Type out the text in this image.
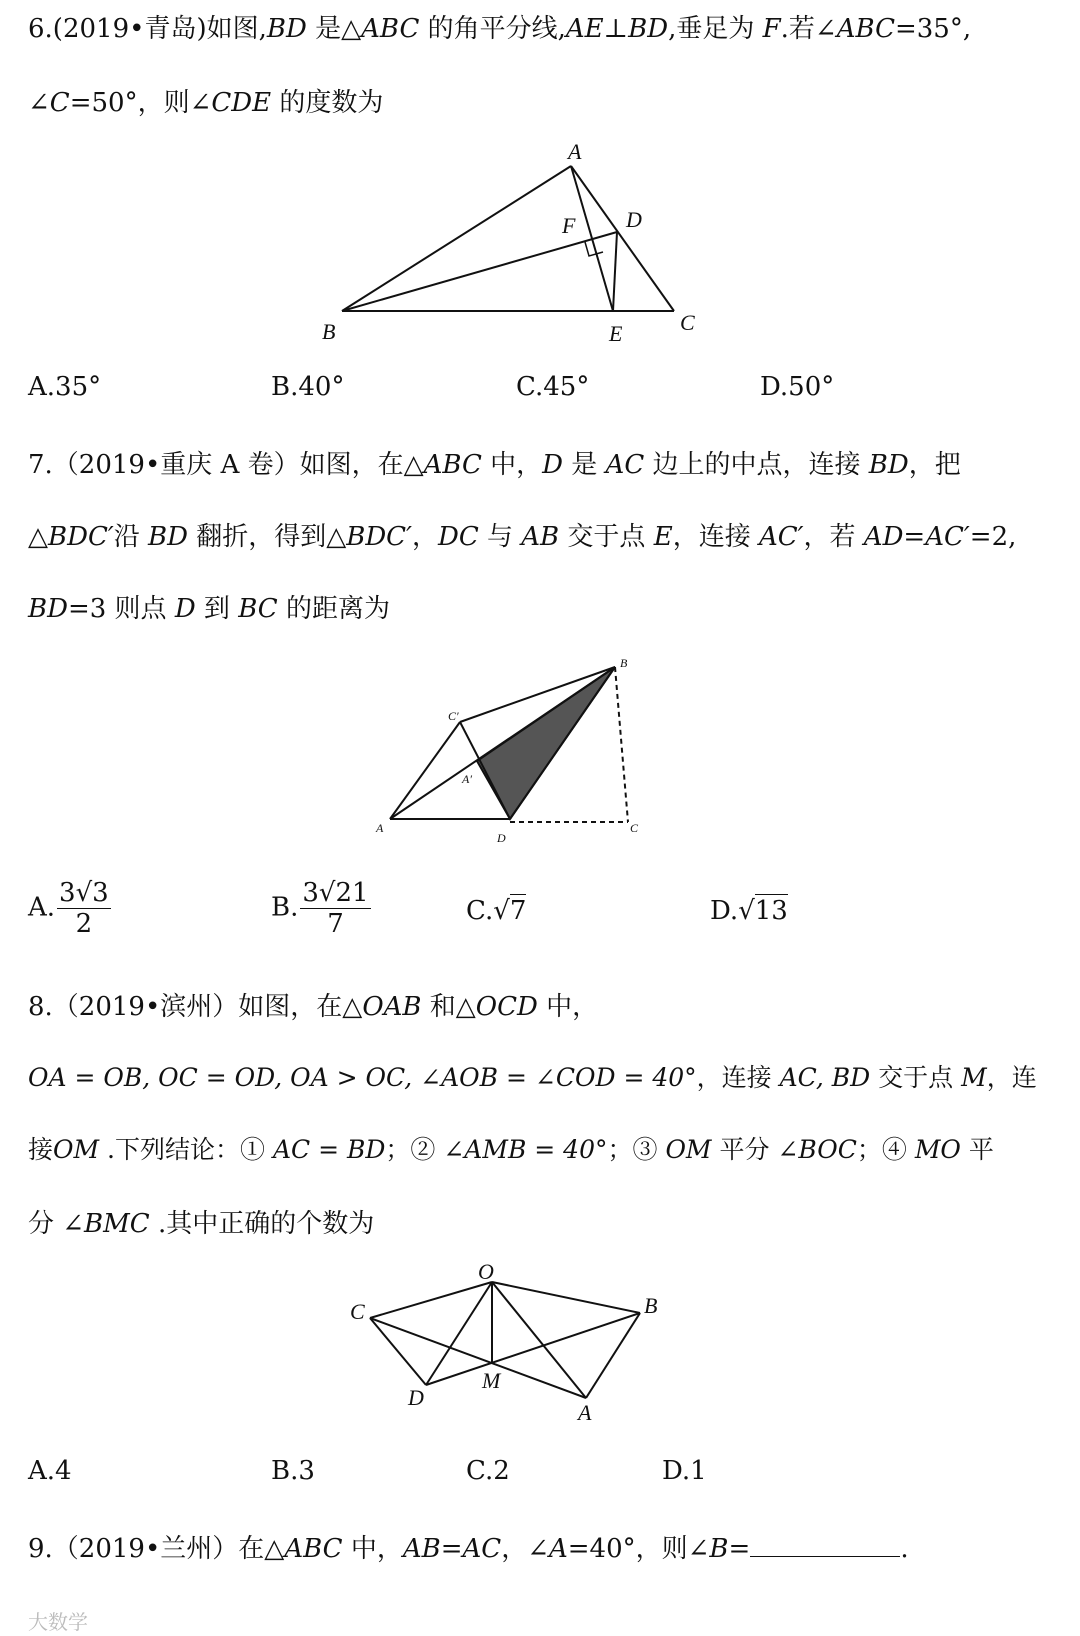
6.(2019•青岛)如图,BD 是△ABC 的角平分线,AE⊥BD,垂足为 F.若∠ABC=35°,
∠C=50°，则∠CDE 的度数为
A
B	C
D
E
F
A.35°	B.40°	C.45°	D.50°
7.（2019•重庆 A 卷）如图，在△ABC 中，D 是 AC 边上的中点，连接 BD，把
△BDC′沿 BD 翻折，得到△BDC′，DC 与 AB 交于点 E，连接 AC′，若 AD=AC′=2,
BD=3 则点 D 到 BC 的距离为
A
B
C
D
C′
A′
A. $\frac{3√3}{2}$	B. $\frac{3√21}{7}$	C.√7	D.√13
8.（2019•滨州）如图，在△OAB 和△OCD 中，
OA = OB, OC = OD, OA > OC, ∠AOB = ∠COD = 40°，连接 AC, BD 交于点 M，连
接OM .下列结论：① AC = BD；② ∠AMB = 40°；③ OM 平分 ∠BOC；④ MO 平
分 ∠BMC .其中正确的个数为
O
B
C
D
M
A
A.4	B.3	C.2	D.1
9.（2019•兰州）在△ABC 中，AB=AC，∠A=40°，则∠B=	.
大数学
